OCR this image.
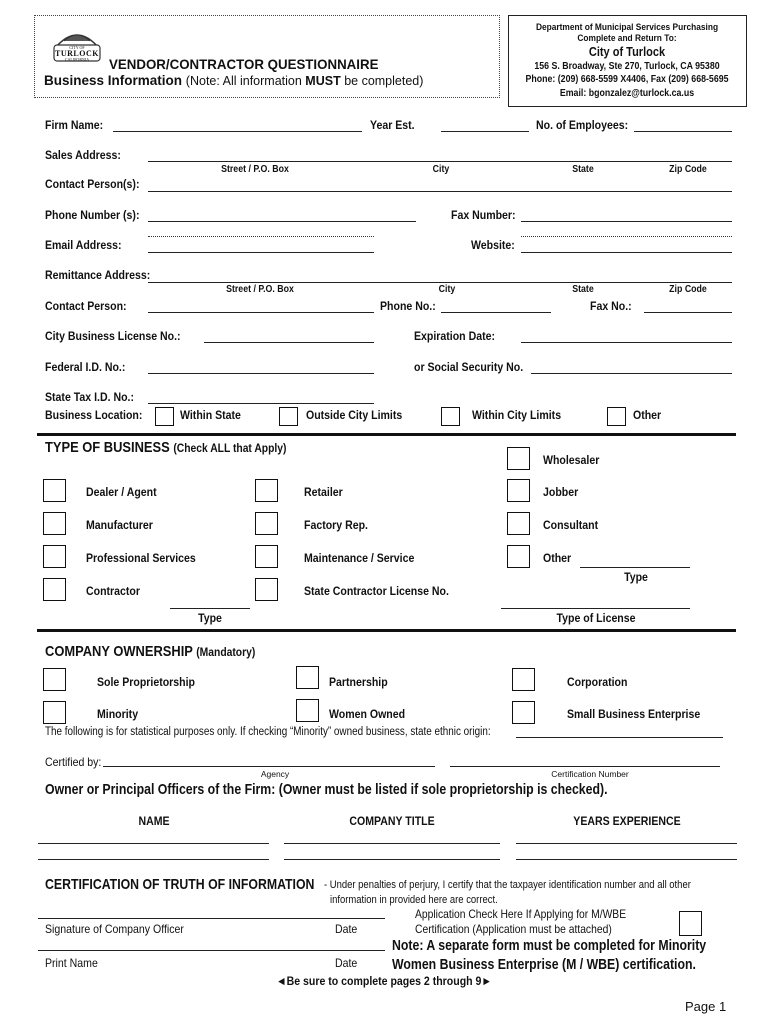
CITY OF
TURLOCK
CALIFORNIA	VENDOR/CONTRACTOR QUESTIONNAIRE
Business Information (Note: All information MUST be completed)
Department of Municipal Services Purchasing
Complete and Return To:
City of Turlock
156 S. Broadway, Ste 270, Turlock, CA 95380
Phone: (209) 668-5599 X4406, Fax (209) 668-5695
Email: bgonzalez@turlock.ca.us
Firm Name:	Year Est.	No. of Employees:
Sales Address:
Street / P.O. Box	City	State	Zip Code
Contact Person(s):
Phone Number (s):	Fax Number:
Email Address:	Website:
Remittance Address:
Street / P.O. Box	City	State	Zip Code
Contact Person:	Phone No.:	Fax No.:
City Business License No.:	Expiration Date:
Federal I.D. No.:	or Social Security No.
State Tax I.D. No.:
Business Location:	Within State	Outside City Limits	Within City Limits	Other
TYPE OF BUSINESS (Check ALL that Apply)
Wholesaler
Dealer / Agent	Retailer	Jobber
Manufacturer	Factory Rep.	Consultant
Professional Services	Maintenance / Service	Other
Type
Contractor	State Contractor License No.
Type	Type of License
COMPANY OWNERSHIP (Mandatory)
Sole Proprietorship	Partnership	Corporation
Minority	Women Owned	Small Business Enterprise
The following is for statistical purposes only. If checking “Minority” owned business, state ethnic origin:
Certified by:
Agency	Certification Number
Owner or Principal Officers of the Firm: (Owner must be listed if sole proprietorship is checked).
NAME	COMPANY TITLE	YEARS EXPERIENCE
CERTIFICATION OF TRUTH OF INFORMATION - Under penalties of perjury, I certify that the taxpayer identification number and all other
information in provided here are correct.
Application Check Here If Applying for M/WBE
Certification (Application must be attached)
Signature of Company Officer	Date
Print Name	Date
Note: A separate form must be completed for Minority
Women Business Enterprise (M / WBE) certification.
◄Be sure to complete pages 2 through 9►
Page 1
